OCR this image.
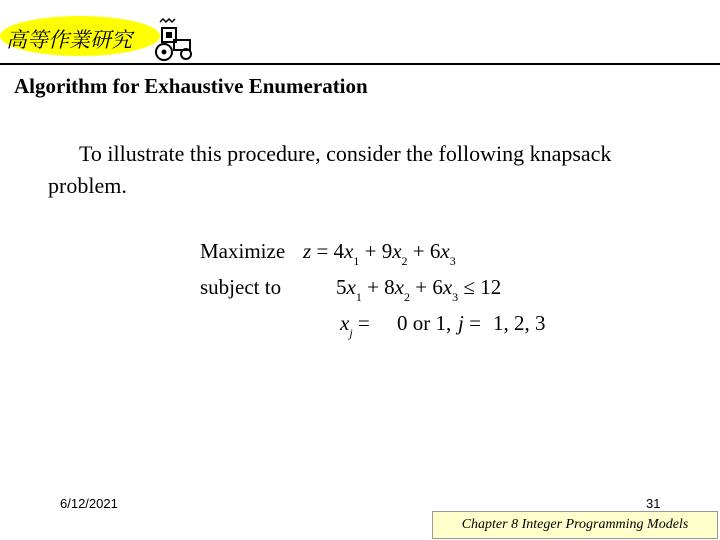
高等作業研究
Algorithm for Exhaustive Enumeration
To illustrate this procedure, consider the following knapsack problem.
Maximize $z = 4x_1 + 9x_2 + 6x_3$
subject to	$5x_1 + 8x_2 + 6x_3 \le 12$
$x_j = 0$ or 1, j = 1, 2, 3
6/12/2021	31
Chapter 8 Integer Programming Models
